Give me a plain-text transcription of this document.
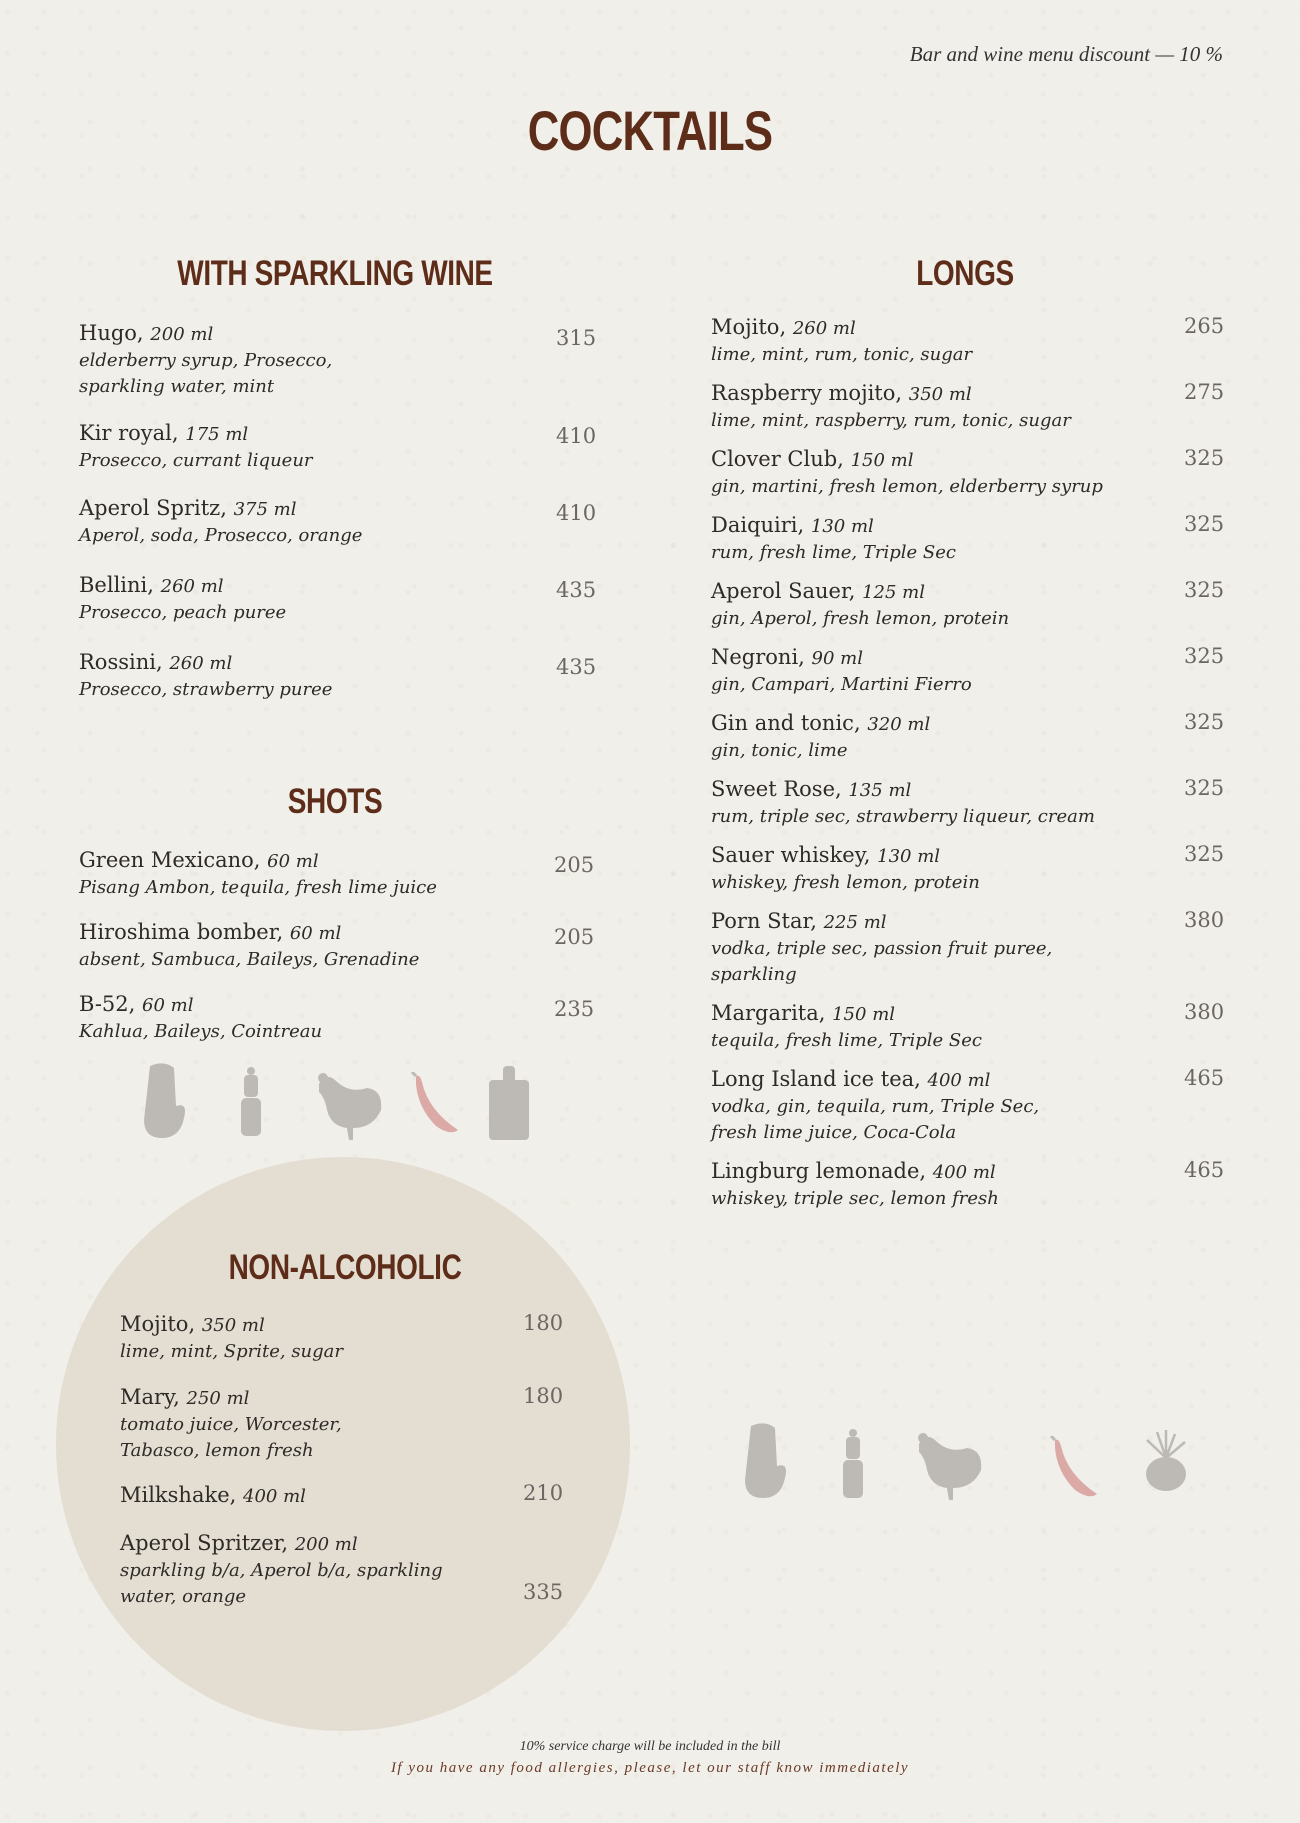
Bar and wine menu discount — 10 %
COCKTAILS
WITH SPARKLING WINE
SHOTS
NON-ALCOHOLIC
LONGS
Hugo, 200 ml
elderberry syrup, Prosecco,
sparkling water, mint
315
Kir royal, 175 ml
Prosecco, currant liqueur
410
Aperol Spritz, 375 ml
Aperol, soda, Prosecco, orange
410
Bellini, 260 ml
Prosecco, peach puree
435
Rossini, 260 ml
Prosecco, strawberry puree
435
Green Mexicano, 60 ml
Pisang Ambon, tequila, fresh lime juice
205
Hiroshima bomber, 60 ml
absent, Sambuca, Baileys, Grenadine
205
B-52, 60 ml
Kahlua, Baileys, Cointreau
235
Mojito, 350 ml
lime, mint, Sprite, sugar
180
Mary, 250 ml
tomato juice, Worcester,
Tabasco, lemon fresh
180
Milkshake, 400 ml	210
Aperol Spritzer, 200 ml
sparkling b/a, Aperol b/a, sparkling
water, orange	335
Mojito, 260 ml
lime, mint, rum, tonic, sugar
265
Raspberry mojito, 350 ml
lime, mint, raspberry, rum, tonic, sugar
275
Clover Club, 150 ml
gin, martini, fresh lemon, elderberry syrup
325
Daiquiri, 130 ml
rum, fresh lime, Triple Sec
325
Aperol Sauer, 125 ml
gin, Aperol, fresh lemon, protein
325
Negroni, 90 ml
gin, Campari, Martini Fierro
325
Gin and tonic, 320 ml
gin, tonic, lime
325
Sweet Rose, 135 ml
rum, triple sec, strawberry liqueur, cream
325
Sauer whiskey, 130 ml
whiskey, fresh lemon, protein
325
Porn Star, 225 ml
vodka, triple sec, passion fruit puree,
sparkling
380
Margarita, 150 ml
tequila, fresh lime, Triple Sec
380
Long Island ice tea, 400 ml
vodka, gin, tequila, rum, Triple Sec,
fresh lime juice, Coca-Cola
465
Lingburg lemonade, 400 ml
whiskey, triple sec, lemon fresh
465
10% service charge will be included in the bill
If you have any food allergies, please, let our staff know immediately
